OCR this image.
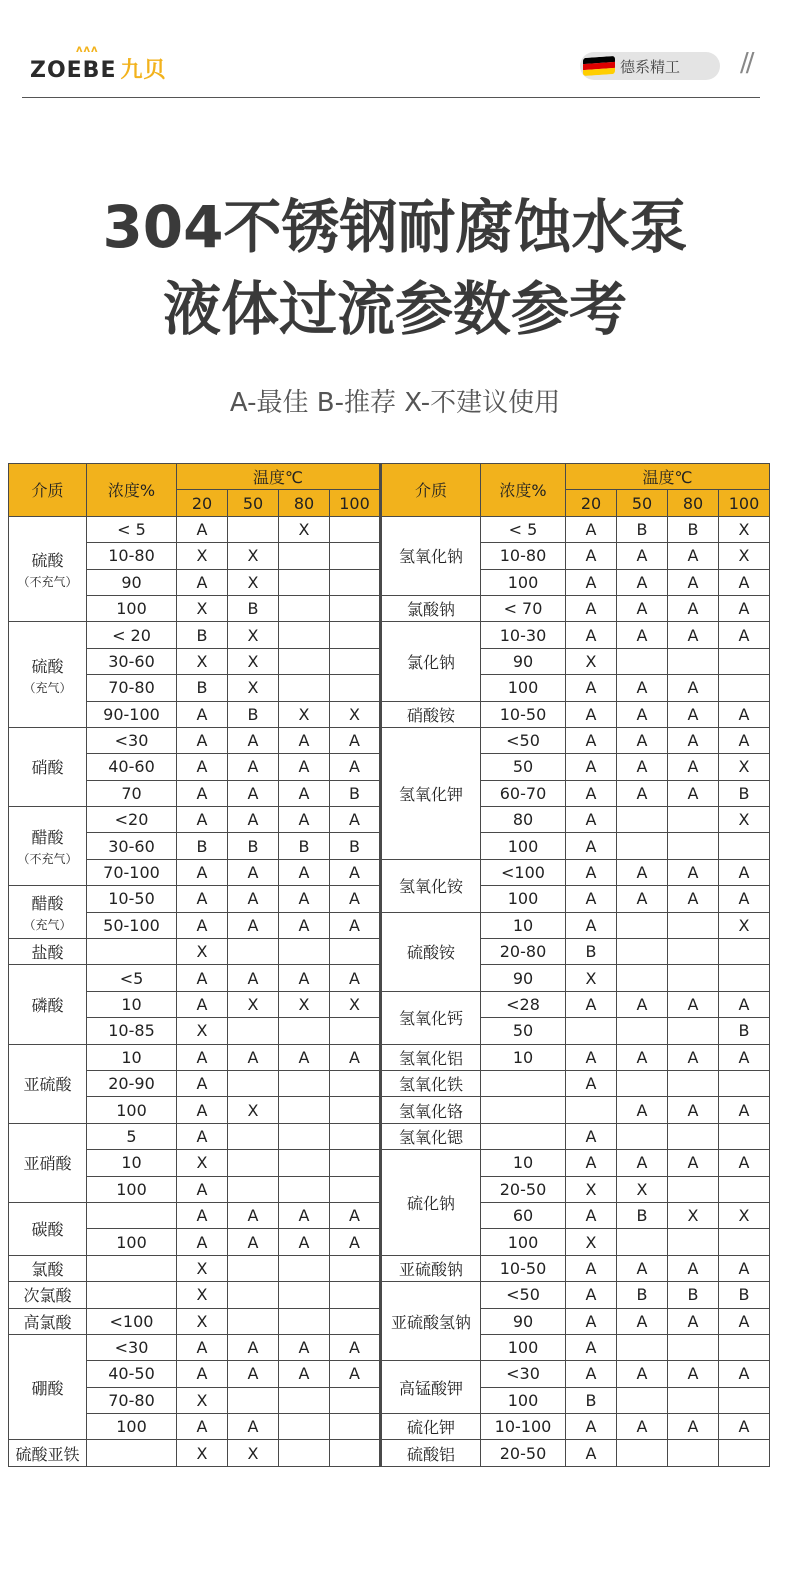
ʌʌʌ
ZOEBE 九贝	德系精工 //
304不锈钢耐腐蚀水泵
液体过流参数参考
A-最佳 B-推荐 X-不建议使用
介质	浓度%	温度℃				介质	浓度%	温度℃			
		20	50	80	100			20	50	80	100
硫酸
（不充气）	< 5	A		X		氢氧化钠	< 5	A	B	B	X
	10-80	X	X				10-80	A	A	A	X
	90	A	X				100	A	A	A	A
	100	X	B			氯酸钠	< 70	A	A	A	A
硫酸
（充气）	< 20	B	X			氯化钠	10-30	A	A	A	A
	30-60	X	X				90	X			
	70-80	B	X				100	A	A	A	
	90-100	A	B	X	X	硝酸铵	10-50	A	A	A	A
硝酸	<30	A	A	A	A	氢氧化钾	<50	A	A	A	A
	40-60	A	A	A	A		50	A	A	A	X
	70	A	A	A	B		60-70	A	A	A	B
醋酸
（不充气）	<20	A	A	A	A		80	A			X
	30-60	B	B	B	B		100	A			
	70-100	A	A	A	A	氢氧化铵	<100	A	A	A	A
醋酸
（充气）	10-50	A	A	A	A		100	A	A	A	A
	50-100	A	A	A	A	硫酸铵	10	A			X
盐酸		X					20-80	B			
磷酸	<5	A	A	A	A		90	X			
	10	A	X	X	X	氢氧化钙	<28	A	A	A	A
	10-85	X					50				B
亚硫酸	10	A	A	A	A	氢氧化铝	10	A	A	A	A
	20-90	A				氢氧化铁		A			
	100	A	X			氢氧化铬			A	A	A
亚硝酸	5	A				氢氧化锶		A			
	10	X				硫化钠	10	A	A	A	A
	100	A					20-50	X	X		
碳酸		A	A	A	A		60	A	B	X	X
	100	A	A	A	A		100	X			
氯酸		X				亚硫酸钠	10-50	A	A	A	A
次氯酸		X				亚硫酸氢钠	<50	A	B	B	B
高氯酸	<100	X					90	A	A	A	A
硼酸	<30	A	A	A	A		100	A			
	40-50	A	A	A	A	高锰酸钾	<30	A	A	A	A
	70-80	X					100	B			
	100	A	A			硫化钾	10-100	A	A	A	A
硫酸亚铁		X	X			硫酸铝	20-50	A			
